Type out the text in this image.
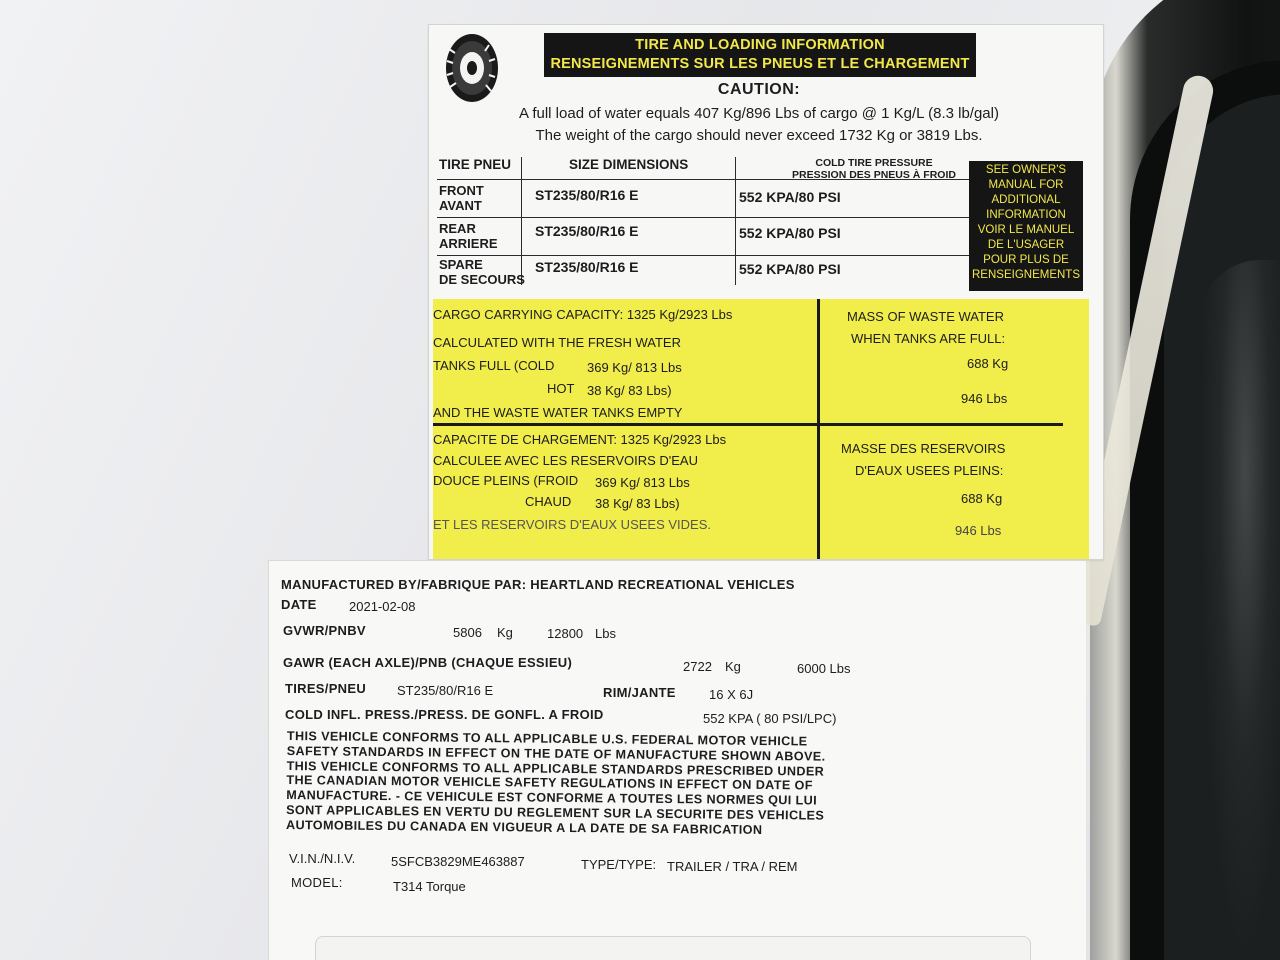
TIRE AND LOADING INFORMATION
RENSEIGNEMENTS SUR LES PNEUS ET LE CHARGEMENT
CAUTION:
A full load of water equals 407 Kg/896 Lbs of cargo @ 1 Kg/L (8.3 lb/gal)
The weight of the cargo should never exceed 1732 Kg or 3819 Lbs.
TIRE PNEU	SIZE DIMENSIONS	COLD TIRE PRESSURE
PRESSION DES PNEUS À FROID
FRONT
AVANT
ST235/80/R16 E	552 KPA/80 PSI
REAR
ARRIERE
ST235/80/R16 E	552 KPA/80 PSI
SPARE
DE SECOURS
ST235/80/R16 E	552 KPA/80 PSI
SEE OWNER'S
MANUAL FOR
ADDITIONAL
INFORMATION
VOIR LE MANUEL
DE L'USAGER
POUR PLUS DE
RENSEIGNEMENTS
CARGO CARRYING CAPACITY: 1325 Kg/2923 Lbs
CALCULATED WITH THE FRESH WATER
TANKS FULL (COLD	369 Kg/ 813 Lbs
HOT 38 Kg/ 83 Lbs)
AND THE WASTE WATER TANKS EMPTY
MASS OF WASTE WATER
WHEN TANKS ARE FULL:
688 Kg
946 Lbs
CAPACITE DE CHARGEMENT: 1325 Kg/2923 Lbs
CALCULEE AVEC LES RESERVOIRS D'EAU
DOUCE PLEINS (FROID 369 Kg/ 813 Lbs
CHAUD 38 Kg/ 83 Lbs)
ET LES RESERVOIRS D'EAUX USEES VIDES.
MASSE DES RESERVOIRS
D'EAUX USEES PLEINS:
688 Kg
946 Lbs
MANUFACTURED BY/FABRIQUE PAR: HEARTLAND RECREATIONAL VEHICLES
DATE 2021-02-08
GVWR/PNBV	5806 Kg	12800 Lbs
GAWR (EACH AXLE)/PNB (CHAQUE ESSIEU)	2722 Kg	6000 Lbs
TIRES/PNEU ST235/80/R16 E	RIM/JANTE	16 X 6J
COLD INFL. PRESS./PRESS. DE GONFL. A FROID	552 KPA ( 80 PSI/LPC)
THIS VEHICLE CONFORMS TO ALL APPLICABLE U.S. FEDERAL MOTOR VEHICLE
SAFETY STANDARDS IN EFFECT ON THE DATE OF MANUFACTURE SHOWN ABOVE.
THIS VEHICLE CONFORMS TO ALL APPLICABLE STANDARDS PRESCRIBED UNDER
THE CANADIAN MOTOR VEHICLE SAFETY REGULATIONS IN EFFECT ON DATE OF
MANUFACTURE. - CE VEHICULE EST CONFORME A TOUTES LES NORMES QUI LUI
SONT APPLICABLES EN VERTU DU REGLEMENT SUR LA SECURITE DES VEHICLES
AUTOMOBILES DU CANADA EN VIGUEUR A LA DATE DE SA FABRICATION
V.I.N./N.I.V.	5SFCB3829ME463887	TYPE/TYPE: TRAILER / TRA / REM
MODEL:	T314 Torque
